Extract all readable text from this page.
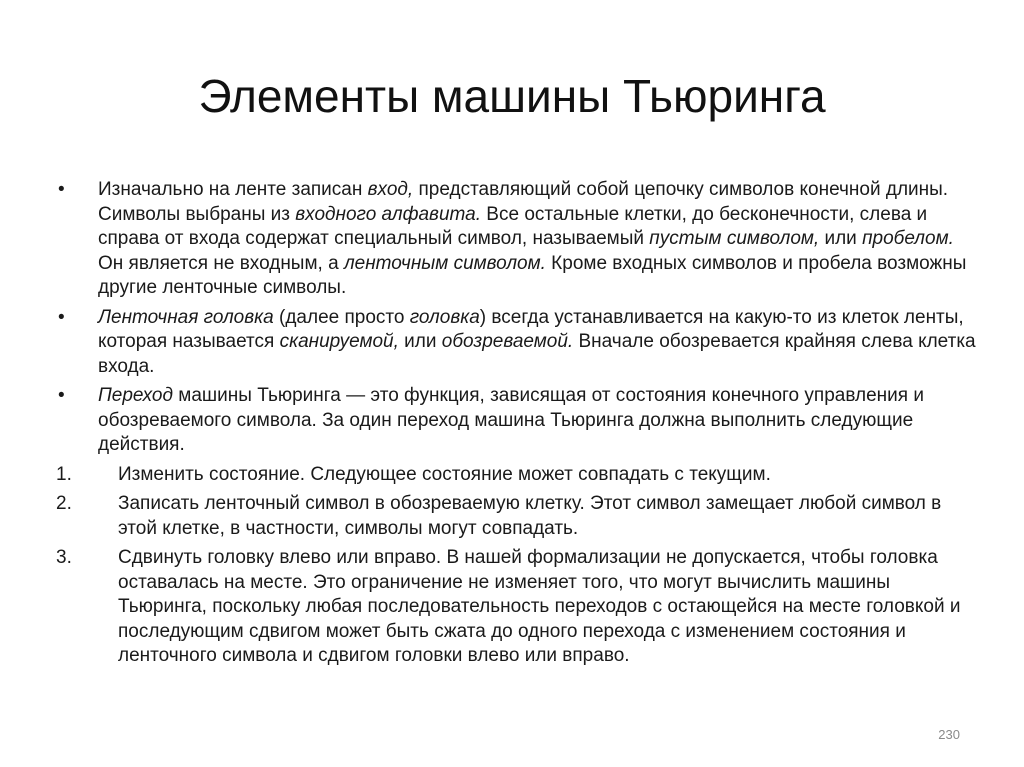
Элементы машины Тьюринга
•	Изначально на ленте записан вход, представляющий собой цепочку символов конечной длины. Символы выбраны из входного алфавита. Все остальные клетки, до бесконечности, слева и справа от входа содержат специальный символ, называемый пустым символом, или пробелом. Он является не входным, а ленточным символом. Кроме входных символов и пробела возможны другие ленточные символы.
•	Ленточная головка (далее просто головка) всегда устанавливается на какую-то из клеток ленты, которая называется сканируемой, или обозреваемой. Вначале обозревается крайняя слева клетка входа.
•	Переход машины Тьюринга — это функция, зависящая от состояния конечного управления и обозреваемого символа. За один переход машина Тьюринга должна выполнить следующие действия.
1.	Изменить состояние. Следующее состояние может совпадать с текущим.
2.	Записать ленточный символ в обозреваемую клетку. Этот символ замещает любой символ в этой клетке, в частности, символы могут совпадать.
3.	Сдвинуть головку влево или вправо. В нашей формализации не допускается, чтобы головка оставалась на месте. Это ограничение не изменяет того, что могут вычислить машины Тьюринга, поскольку любая последовательность переходов с остающейся на месте головкой и последующим сдвигом может быть сжата до одного перехода с изменением состояния и ленточного символа и сдвигом головки влево или вправо.
230
